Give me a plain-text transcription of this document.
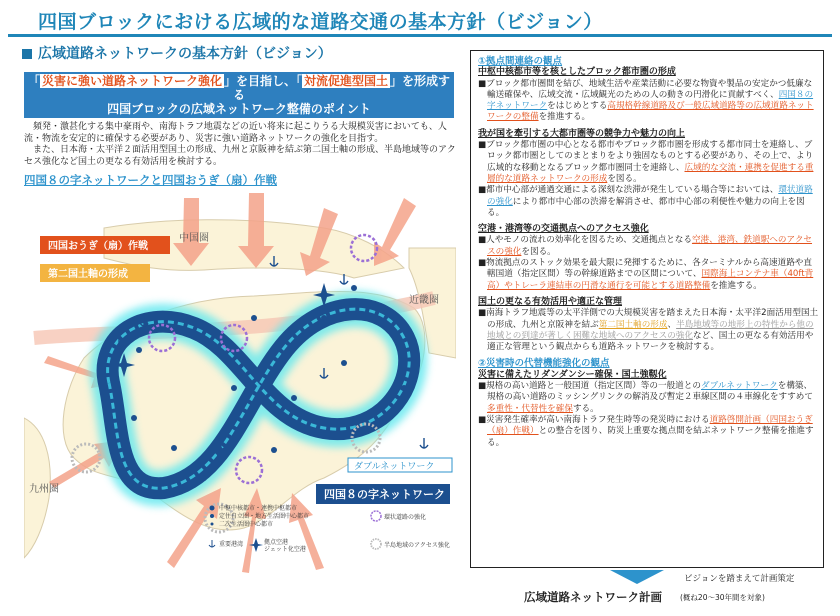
四国ブロックにおける広域的な道路交通の基本方針（ビジョン）
広域道路ネットワークの基本方針（ビジョン）
「 災害に強い道路ネットワーク強化 」を目指し、「 対流促進型国土 」を形成する
四国ブロックの広域ネットワーク整備のポイント
頻発・激甚化する集中豪雨や、南海トラフ地震などの近い将来に起こりうる大規模災害においても、人流・物流を安定的に確保する必要があり、災害に強い道路ネットワークの強化を目指す。
また、日本海・太平洋２面活用型国土の形成、九州と京阪神を結ぶ第二国土軸の形成、半島地域等のアクセス強化など国土の更なる有効活用を検討する。
四国８の字ネットワークと四国おうぎ（扇）作戦
中国圏
近畿圏
九州圏
四国おうぎ（扇）作戦
第二国土軸の形成
ダブルネットワーク
四国８の字ネットワーク
中枢中核都市・連携中枢都市
定住自立圏・地方生活圏中心都市
二次生活圏中心都市
環状道路の強化
重要港湾	拠点空港
ジェット化空港
半島地域のアクセス強化
①拠点間連絡の観点
中枢中核都市等を核としたブロック都市圏の形成
■ブロック都市圏間を結び、地域生活や産業活動に必要な物資や製品の安定かつ低廉な輸送確保や、広域交流・広域観光のための人の動きの円滑化に貢献すべく、四国８の字ネットワークをはじめとする高規格幹線道路及び一般広域道路等の広域道路ネットワークの整備を推進する。
我が国を牽引する大都市圏等の競争力や魅力の向上
■ブロック都市圏の中心となる都市やブロック都市圏を形成する都市同士を連絡し、ブロック都市圏としてのまとまりをより強固なものとする必要があり、その上で、より広域的な移動となるブロック都市圏同士を連絡し、広域的な交流・連携を促進する重層的な道路ネットワークの形成を図る。
■都市中心部が通過交通による深刻な渋滞が発生している場合等においては、環状道路の強化により都市中心部の渋滞を解消させ、都市中心部の利便性や魅力の向上を図る。
空港・港湾等の交通拠点へのアクセス強化
■人やモノの流れの効率化を図るため、交通拠点となる空港、港湾、鉄道駅へのアクセスの強化を図る。
■物流拠点のストック効果を最大限に発揮するために、各ターミナルから高速道路や直轄国道（指定区間）等の幹線道路までの区間について、国際海上コンテナ車（40ft背高）やトレーラ連結車の円滑な通行を可能とする道路整備を推進する。
国土の更なる有効活用や適正な管理
■南海トラフ地震等の太平洋側での大規模災害を踏まえた日本海・太平洋2面活用型国土の形成、九州と京阪神を結ぶ第二国土軸の形成、半島地域等の地形上の特性から他の地域との到達が著しく困難な地域へのアクセスの強化など、国土の更なる有効活用や適正な管理という観点からも道路ネットワークを検討する。
②災害時の代替機能強化の観点
災害に備えたリダンダンシー確保・国土強靱化
■規格の高い道路と一般国道（指定区間）等の一般道とのダブルネットワークを構築、規格の高い道路のミッシングリンクの解消及び暫定２車線区間の４車線化をすすめて多重性・代替性を確保する。
■災害発生確率が高い南海トラフ発生時等の発災時における道路啓開計画（四国おうぎ（扇）作戦）との整合を図り、防災上重要な拠点間を結ぶネットワーク整備を推進する。
ビジョンを踏まえて計画策定
広域道路ネットワーク計画 (概ね20～30年間を対象)
